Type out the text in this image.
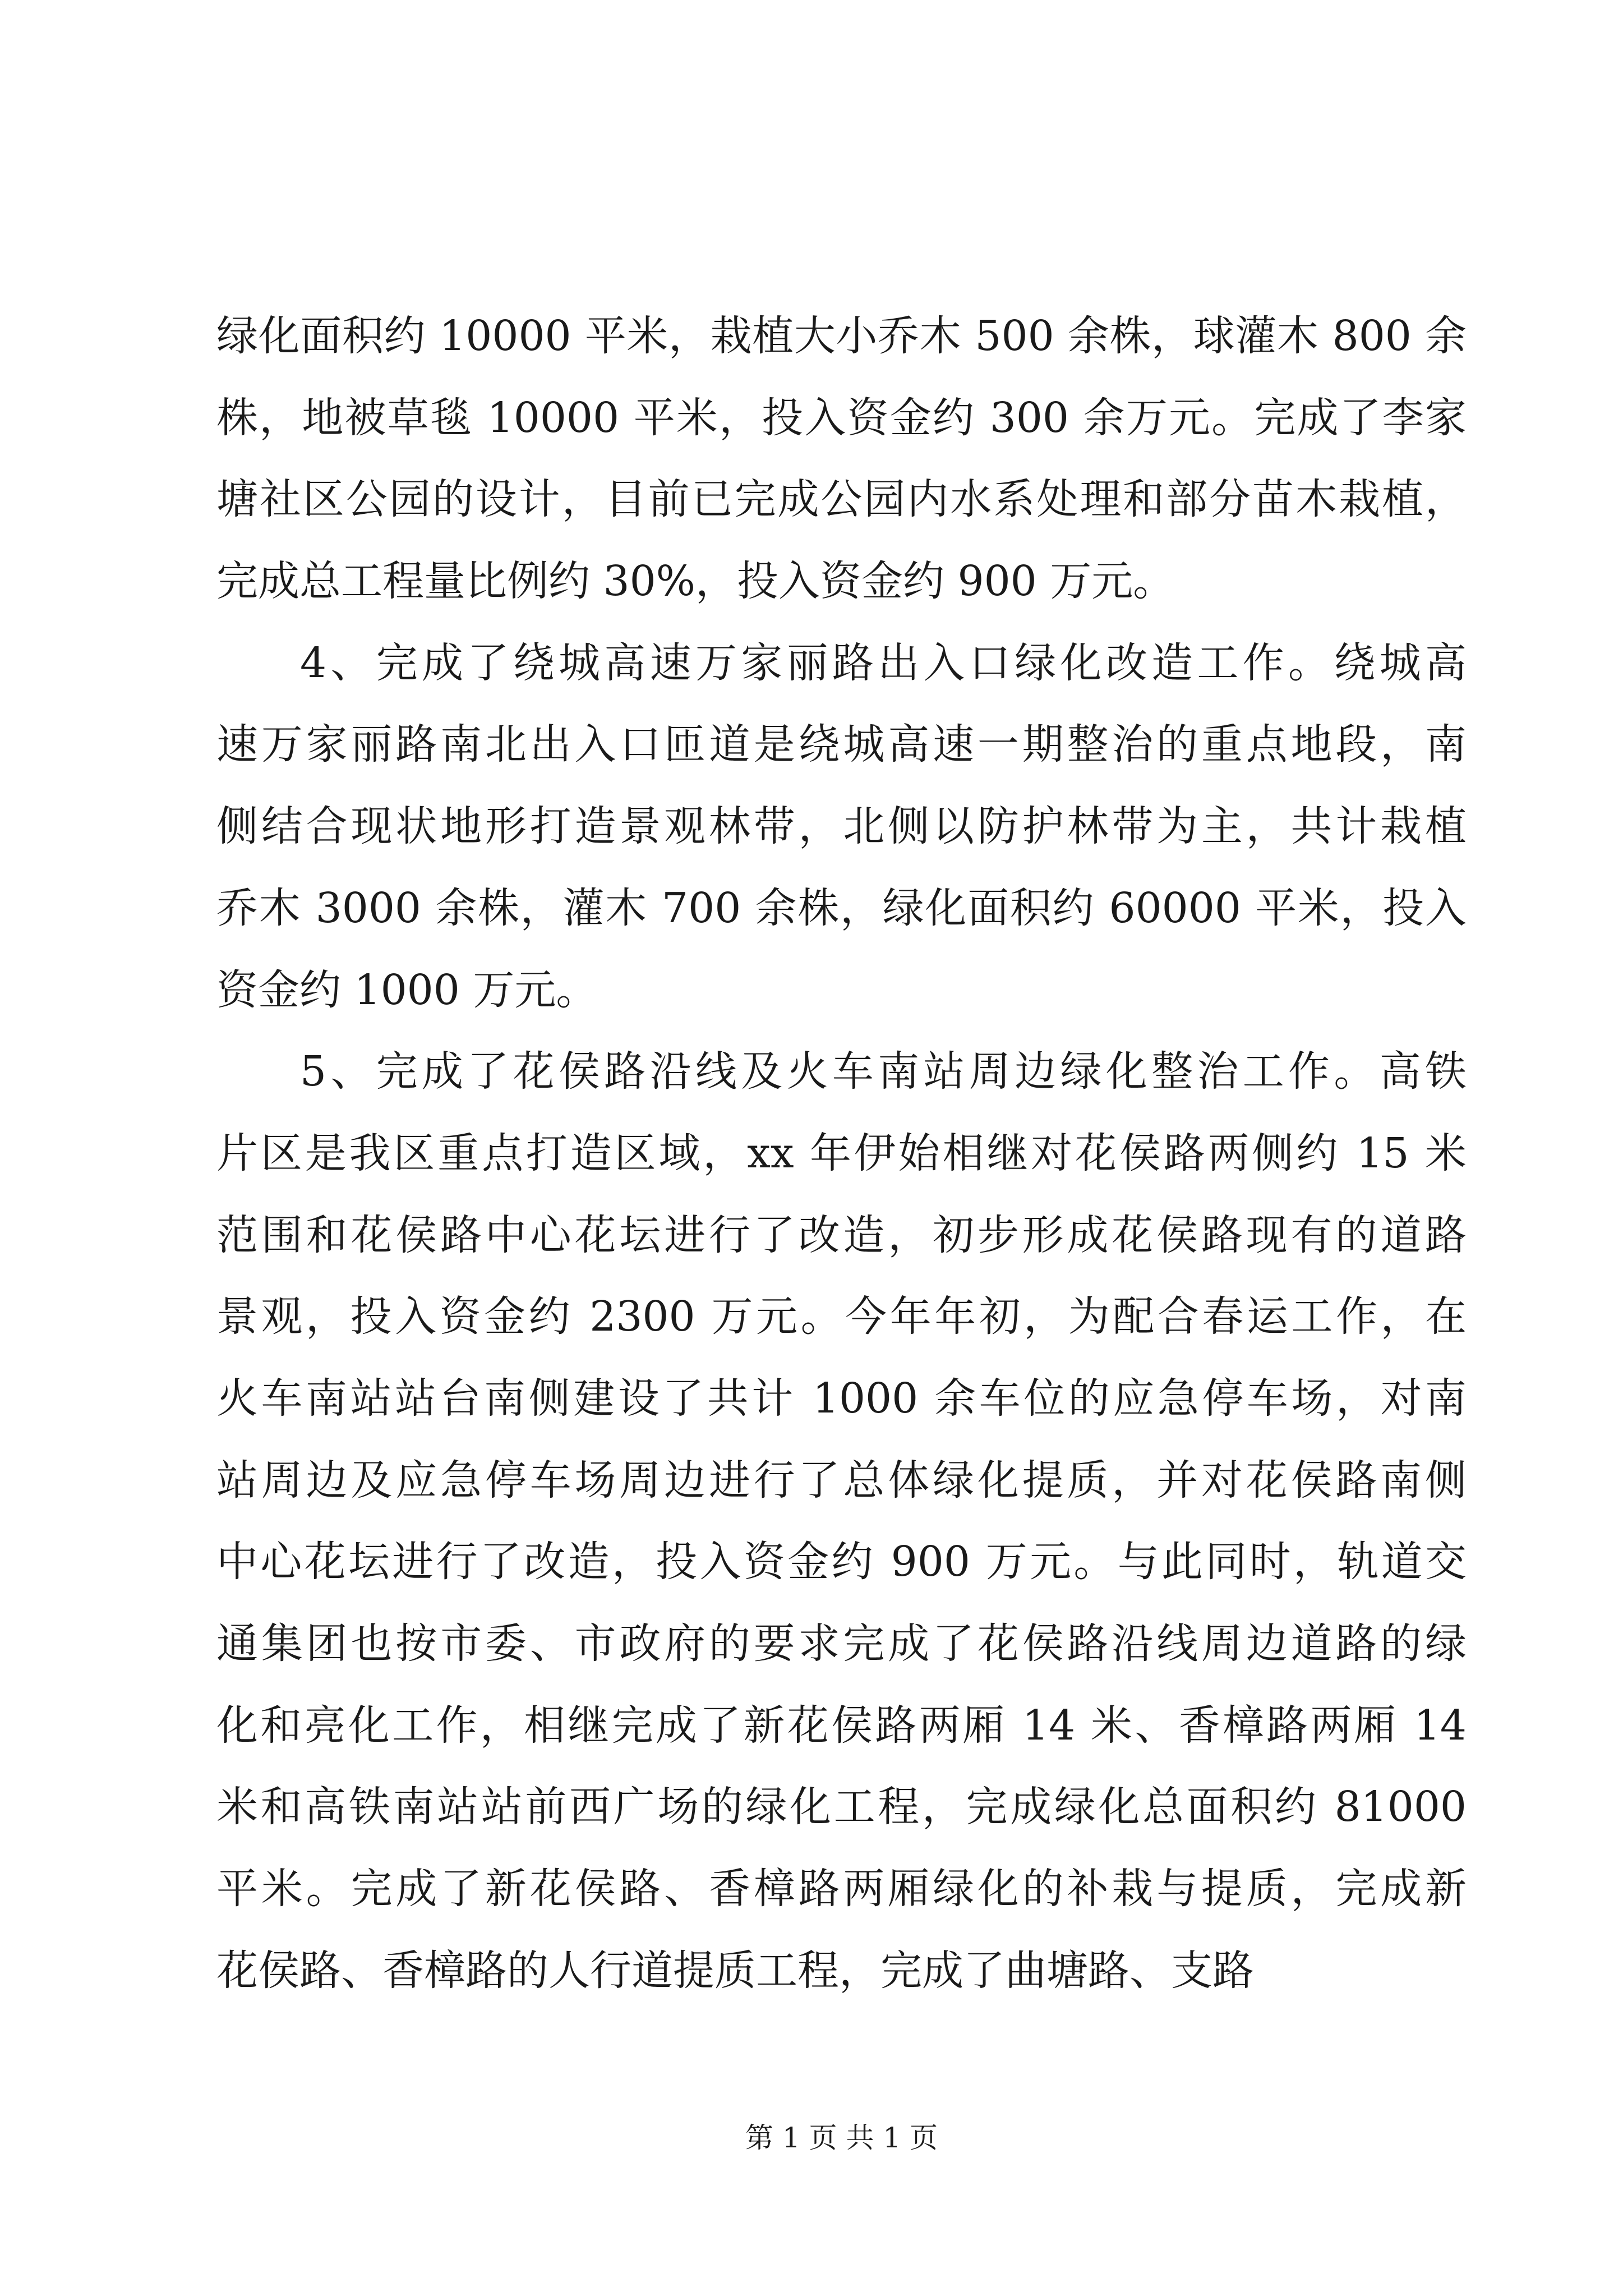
绿化面积约 10000 平米，栽植大小乔木 500 余株，球灌木 800 余
株，地被草毯 10000 平米，投入资金约 300 余万元。完成了李家
塘社区公园的设计，目前已完成公园内水系处理和部分苗木栽植，
完成总工程量比例约 30%，投入资金约 900 万元。
4、完成了绕城高速万家丽路出入口绿化改造工作。绕城高
速万家丽路南北出入口匝道是绕城高速一期整治的重点地段，南
侧结合现状地形打造景观林带，北侧以防护林带为主，共计栽植
乔木 3000 余株，灌木 700 余株，绿化面积约 60000 平米，投入
资金约 1000 万元。
5、完成了花侯路沿线及火车南站周边绿化整治工作。高铁
片区是我区重点打造区域，xx 年伊始相继对花侯路两侧约 15 米
范围和花侯路中心花坛进行了改造，初步形成花侯路现有的道路
景观，投入资金约 2300 万元。今年年初，为配合春运工作，在
火车南站站台南侧建设了共计 1000 余车位的应急停车场，对南
站周边及应急停车场周边进行了总体绿化提质，并对花侯路南侧
中心花坛进行了改造，投入资金约 900 万元。与此同时，轨道交
通集团也按市委、市政府的要求完成了花侯路沿线周边道路的绿
化和亮化工作，相继完成了新花侯路两厢 14 米、香樟路两厢 14
米和高铁南站站前西广场的绿化工程，完成绿化总面积约 81000
平米。完成了新花侯路、香樟路两厢绿化的补栽与提质，完成新
花侯路、香樟路的人行道提质工程，完成了曲塘路、支路
第 1 页 共 1 页
